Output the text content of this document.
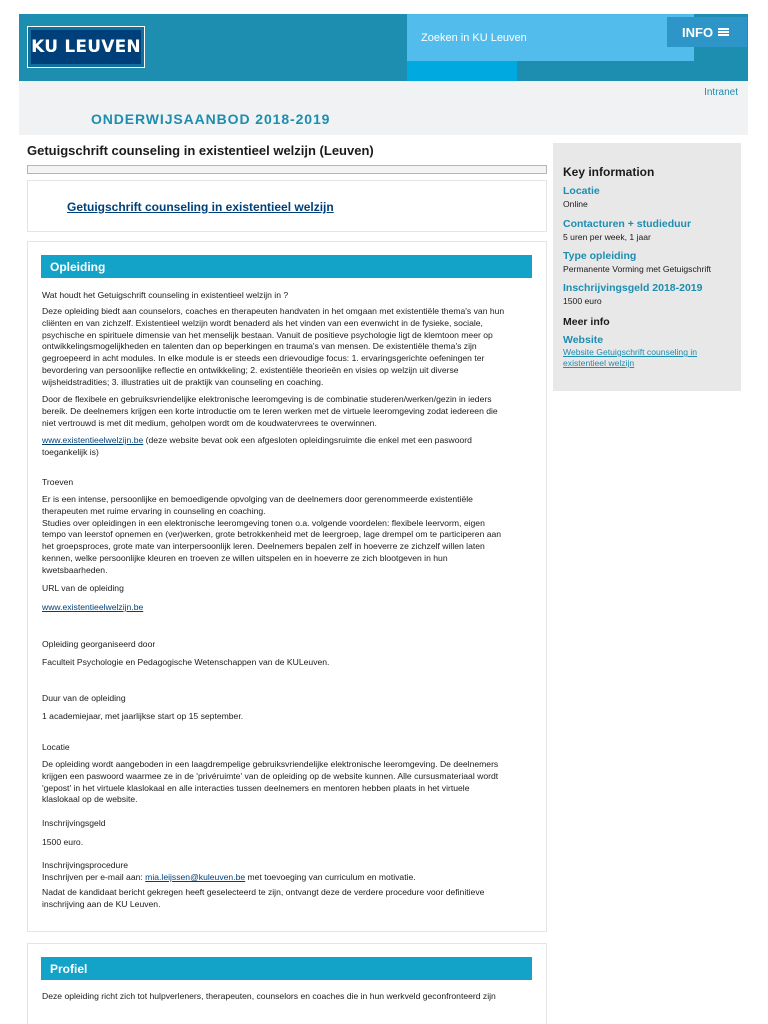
KU LEUVEN	Zoeken in KU Leuven	INFO
Intranet
ONDERWIJSAANBOD 2018-2019
Getuigschrift counseling in existentieel welzijn (Leuven)
Getuigschrift counseling in existentieel welzijn
Opleiding
Wat houdt het Getuigschrift counseling in existentieel welzijn in ?
Deze opleiding biedt aan counselors, coaches en therapeuten handvaten in het omgaan met existentiële thema's van hun
cliënten en van zichzelf. Existentieel welzijn wordt benaderd als het vinden van een evenwicht in de fysieke, sociale,
psychische en spirituele dimensie van het menselijk bestaan. Vanuit de positieve psychologie ligt de klemtoon meer op
ontwikkelingsmogelijkheden en talenten dan op beperkingen en trauma's van mensen. De existentiële thema's zijn
gegroepeerd in acht modules. In elke module is er steeds een drievoudige focus: 1. ervaringsgerichte oefeningen ter
bevordering van persoonlijke reflectie en ontwikkeling; 2. existentiële theorieën en visies op welzijn uit diverse
wijsheidstradities; 3. illustraties uit de praktijk van counseling en coaching.
Door de flexibele en gebruiksvriendelijke elektronische leeromgeving is de combinatie studeren/werken/gezin in ieders
bereik. De deelnemers krijgen een korte introductie om te leren werken met de virtuele leeromgeving zodat iedereen die
niet vertrouwd is met dit medium, geholpen wordt om de koudwatervrees te overwinnen.
www.existentieelwelzijn.be (deze website bevat ook een afgesloten opleidingsruimte die enkel met een paswoord
toegankelijk is)
Troeven
Er is een intense, persoonlijke en bemoedigende opvolging van de deelnemers door gerenommeerde existentiële
therapeuten met ruime ervaring in counseling en coaching.
Studies over opleidingen in een elektronische leeromgeving tonen o.a. volgende voordelen: flexibele leervorm, eigen
tempo van leerstof opnemen en (ver)werken, grote betrokkenheid met de leergroep, lage drempel om te participeren aan
het groepsproces, grote mate van interpersoonlijk leren. Deelnemers bepalen zelf in hoeverre ze zichzelf willen laten
kennen, welke persoonlijke kleuren en troeven ze willen uitspelen en in hoeverre ze zich blootgeven in hun
kwetsbaarheden.
URL van de opleiding
www.existentieelwelzijn.be
Opleiding georganiseerd door
Faculteit Psychologie en Pedagogische Wetenschappen van de KULeuven.
Duur van de opleiding
1 academiejaar, met jaarlijkse start op 15 september.
Locatie
De opleiding wordt aangeboden in een laagdrempelige gebruiksvriendelijke elektronische leeromgeving. De deelnemers
krijgen een paswoord waarmee ze in de 'privéruimte' van de opleiding op de website kunnen. Alle cursusmateriaal wordt
'gepost' in het virtuele klaslokaal en alle interacties tussen deelnemers en mentoren hebben plaats in het virtuele
klaslokaal op de website.
Inschrijvingsgeld
1500 euro.
Inschrijvingsprocedure
Inschrijven per e-mail aan: mia.leijssen@kuleuven.be met toevoeging van curriculum en motivatie.
Nadat de kandidaat bericht gekregen heeft geselecteerd te zijn, ontvangt deze de verdere procedure voor definitieve
inschrijving aan de KU Leuven.
Profiel
Deze opleiding richt zich tot hulpverleners, therapeuten, counselors en coaches die in hun werkveld geconfronteerd zijn
Key information
Locatie
Online
Contacturen + studieduur
5 uren per week, 1 jaar
Type opleiding
Permanente Vorming met Getuigschrift
Inschrijvingsgeld 2018-2019
1500 euro
Meer info
Website
Website Getuigschrift counseling in existentieel welzijn
